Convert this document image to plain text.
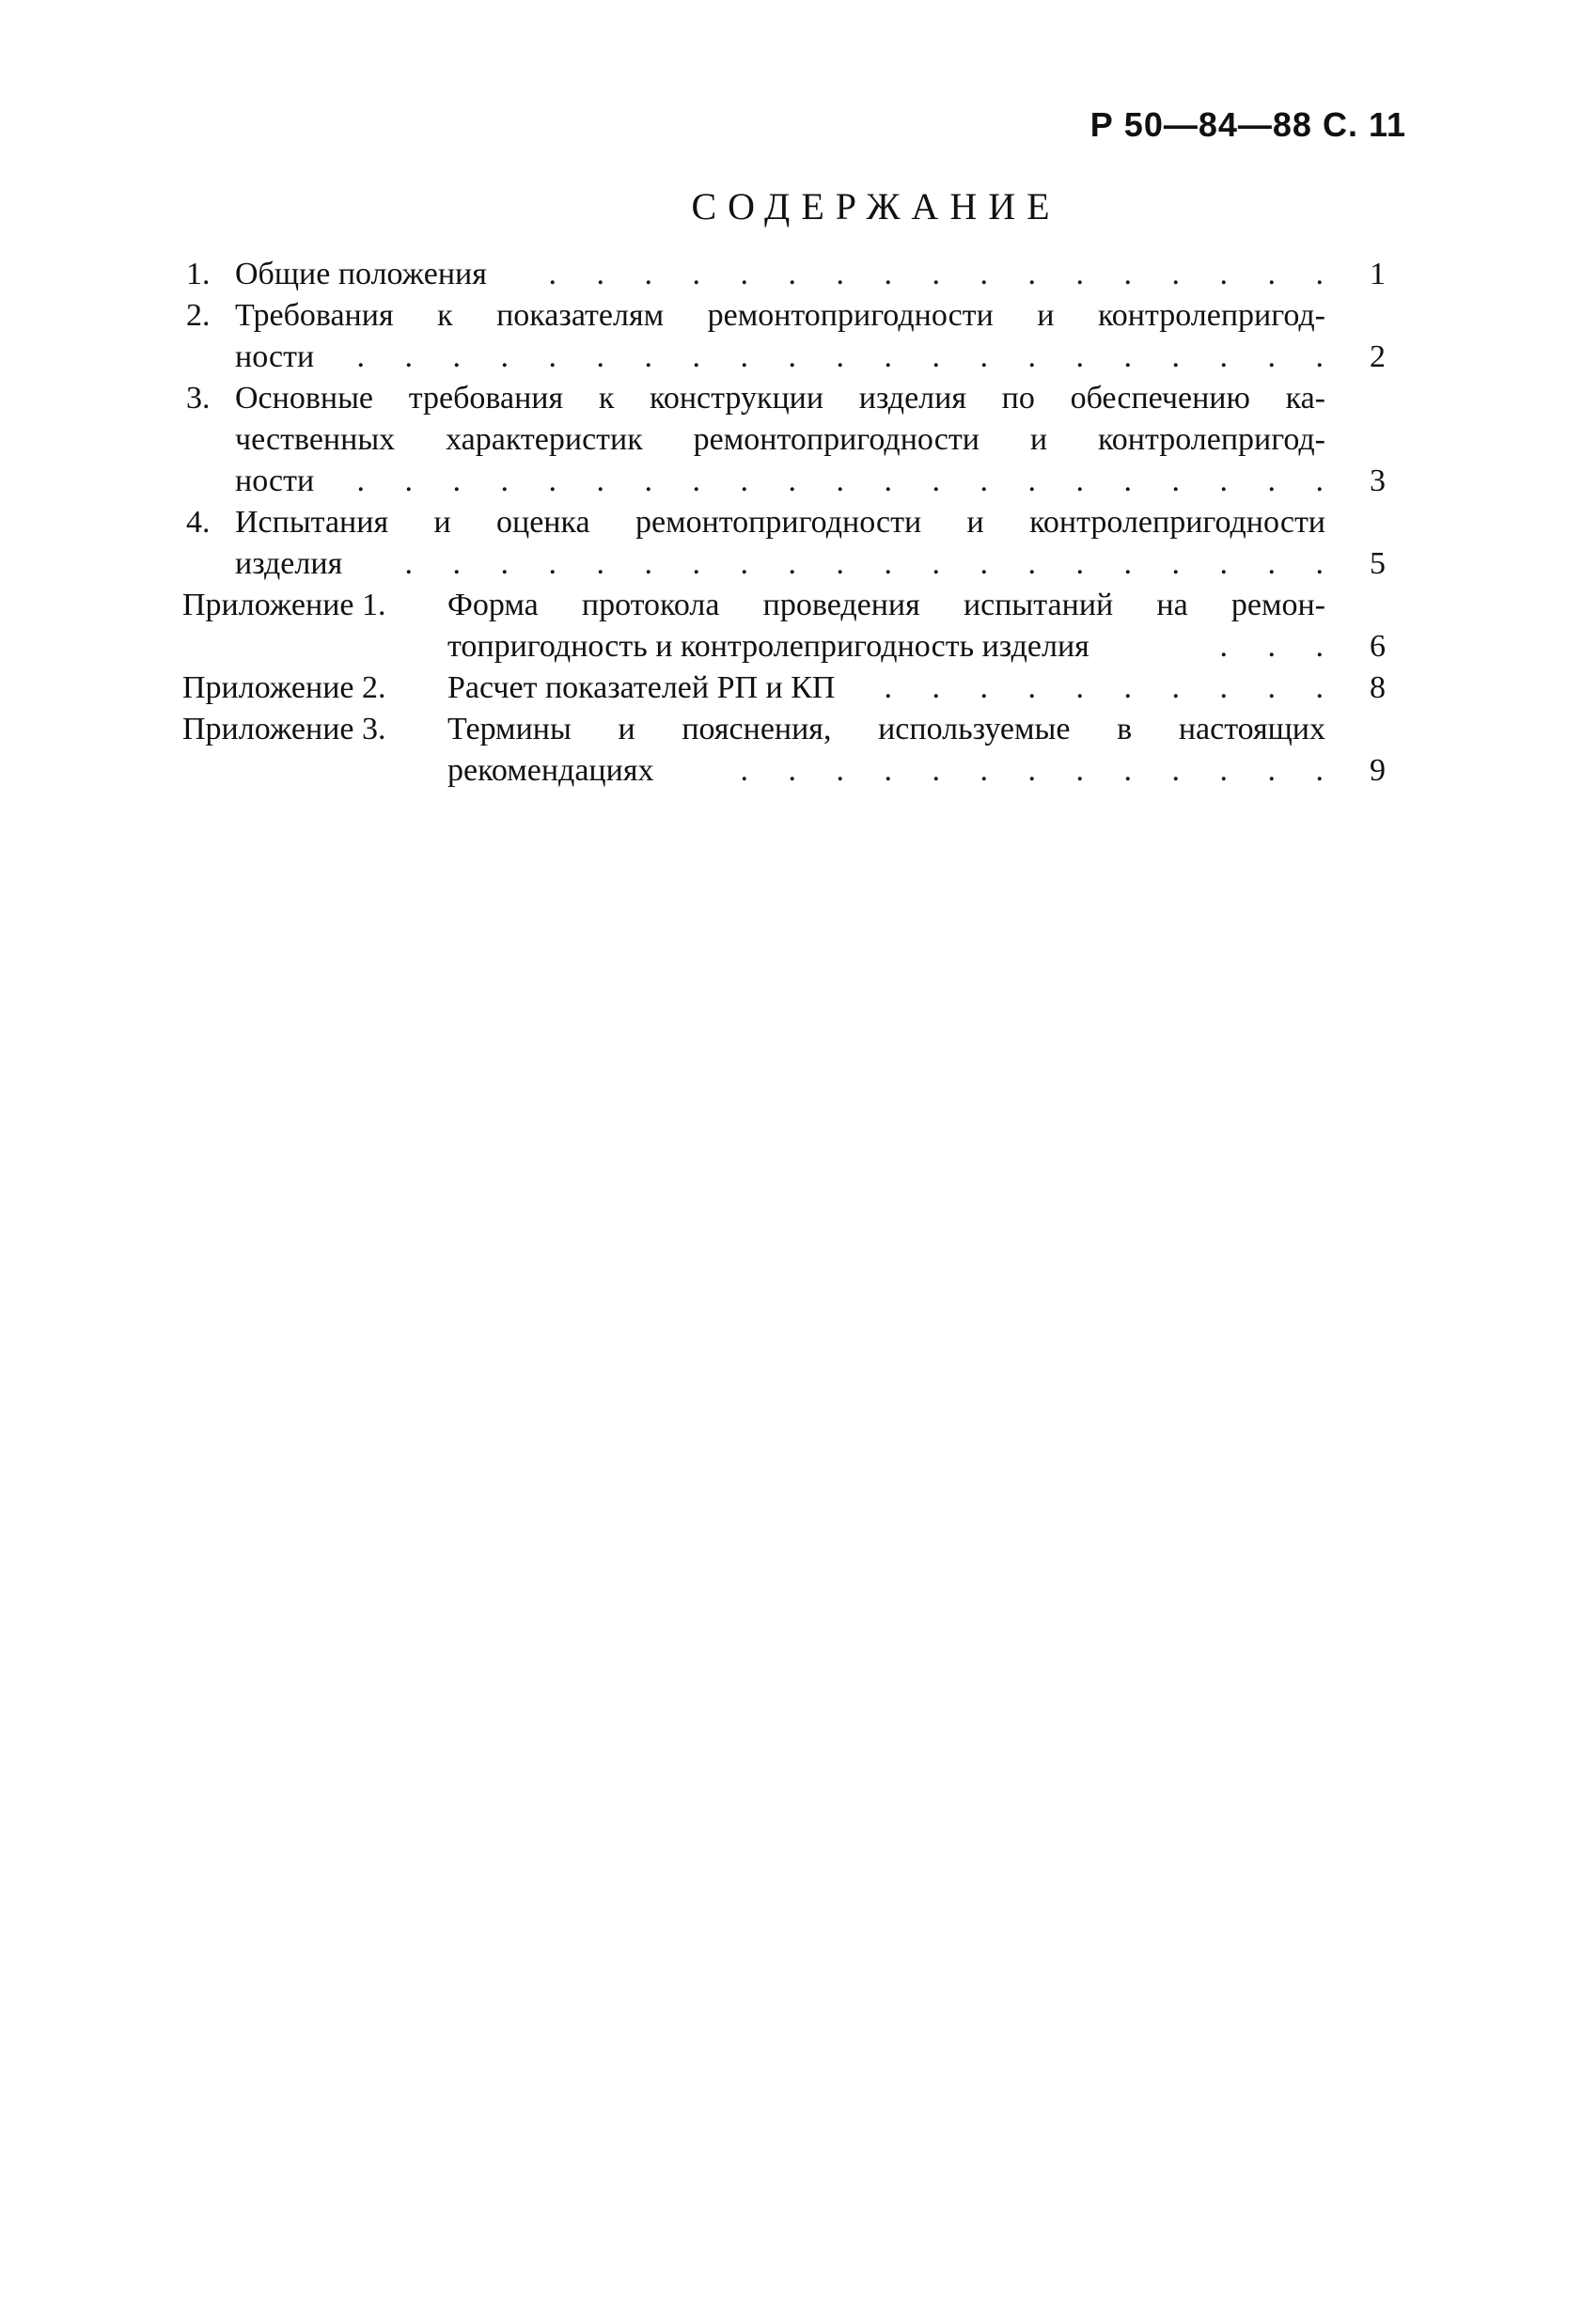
Р 50—84—88 С. 11
СОДЕРЖАНИЕ
1. Общие положения .	1
2. Требования к показателям ремонтопригодности и контролепригод-
ности .	2
3. Основные требования к конструкции изделия по обеспечению ка-
чественных характеристик ремонтопригодности и контролепригод-
ности .	3
4. Испытания и оценка ремонтопригодности и контролепригодности
изделия .	5
Приложение 1. Форма протокола проведения испытаний на ремон-
топригодность и контролепригодность изделия .	6
Приложение 2. Расчет показателей РП и КП .	8
Приложение 3. Термины и пояснения, используемые в настоящих
рекомендациях .	9
